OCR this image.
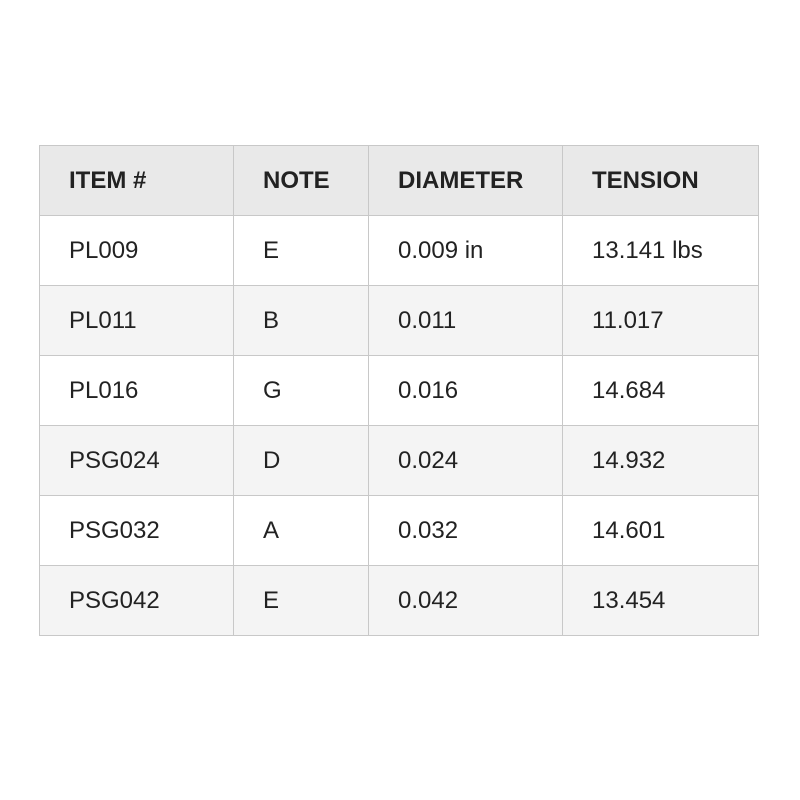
ITEM #	NOTE	DIAMETER	TENSION
PL009	E	0.009 in	13.141 lbs
PL011	B	0.011	11.017
PL016	G	0.016	14.684
PSG024	D	0.024	14.932
PSG032	A	0.032	14.601
PSG042	E	0.042	13.454
